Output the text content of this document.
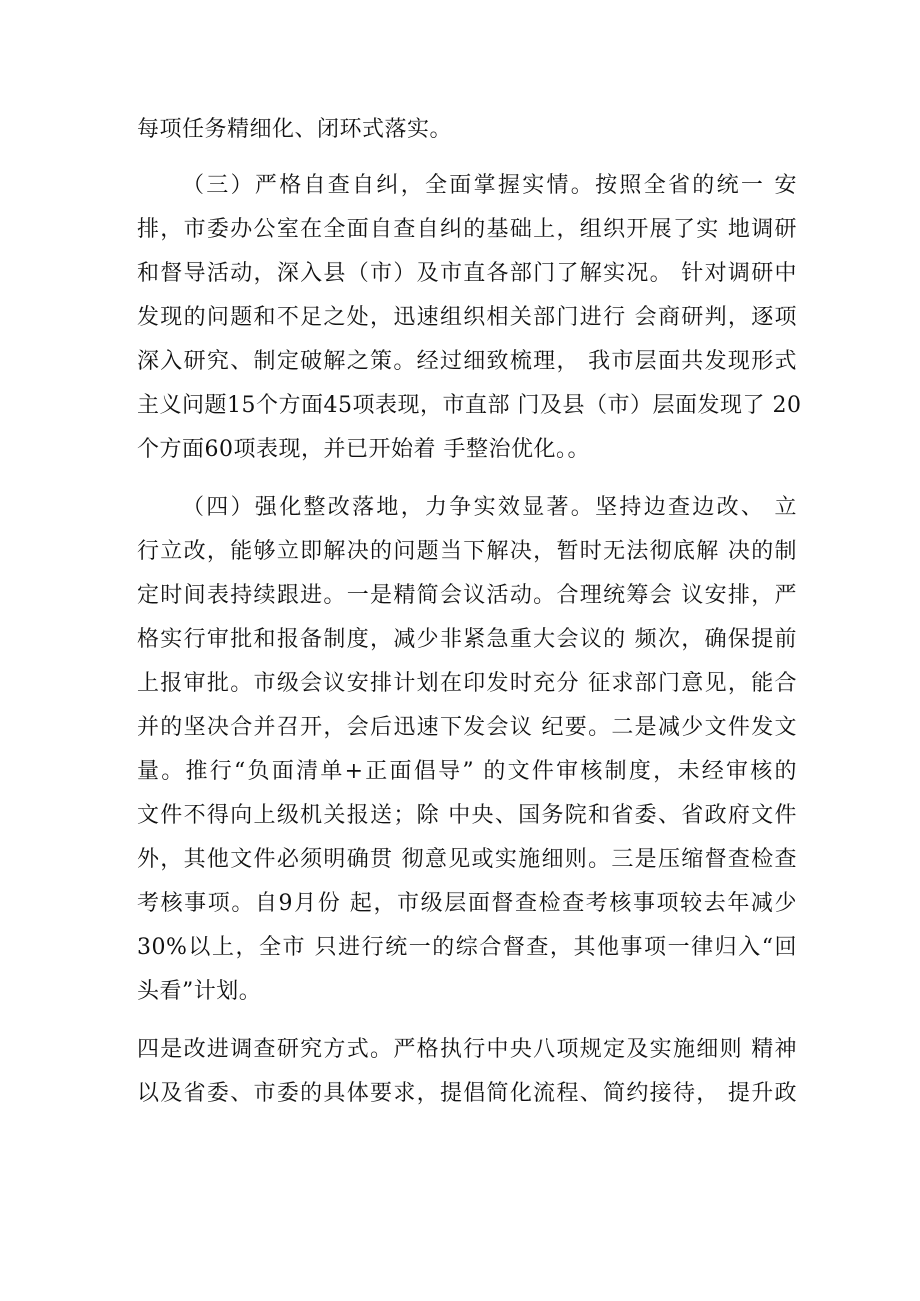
每项任务精细化、闭环式落实。
（三）严格自查自纠，全面掌握实情。按照全省的统一 安
排，市委办公室在全面自查自纠的基础上，组织开展了实 地调研
和督导活动，深入县（市）及市直各部门了解实况。 针对调研中
发现的问题和不足之处，迅速组织相关部门进行 会商研判，逐项
深入研究、制定破解之策。经过细致梳理， 我市层面共发现形式
主义问题15个方面45项表现，市直部 门及县（市）层面发现了 20
个方面60项表现，并已开始着 手整治优化。。
（四）强化整改落地，力争实效显著。坚持边查边改、 立
行立改，能够立即解决的问题当下解决，暂时无法彻底解 决的制
定时间表持续跟进。一是精简会议活动。合理统筹会 议安排，严
格实行审批和报备制度，减少非紧急重大会议的 频次，确保提前
上报审批。市级会议安排计划在印发时充分 征求部门意见，能合
并的坚决合并召开，会后迅速下发会议 纪要。二是减少文件发文
量。推行“负面清单+正面倡导” 的文件审核制度，未经审核的
文件不得向上级机关报送；除 中央、国务院和省委、省政府文件
外，其他文件必须明确贯 彻意见或实施细则。三是压缩督查检查
考核事项。自9月份 起，市级层面督查检查考核事项较去年减少
30%以上，全市 只进行统一的综合督查，其他事项一律归入“回
头看”计划。
四是改进调查研究方式。严格执行中央八项规定及实施细则 精神
以及省委、市委的具体要求，提倡简化流程、简约接待， 提升政
